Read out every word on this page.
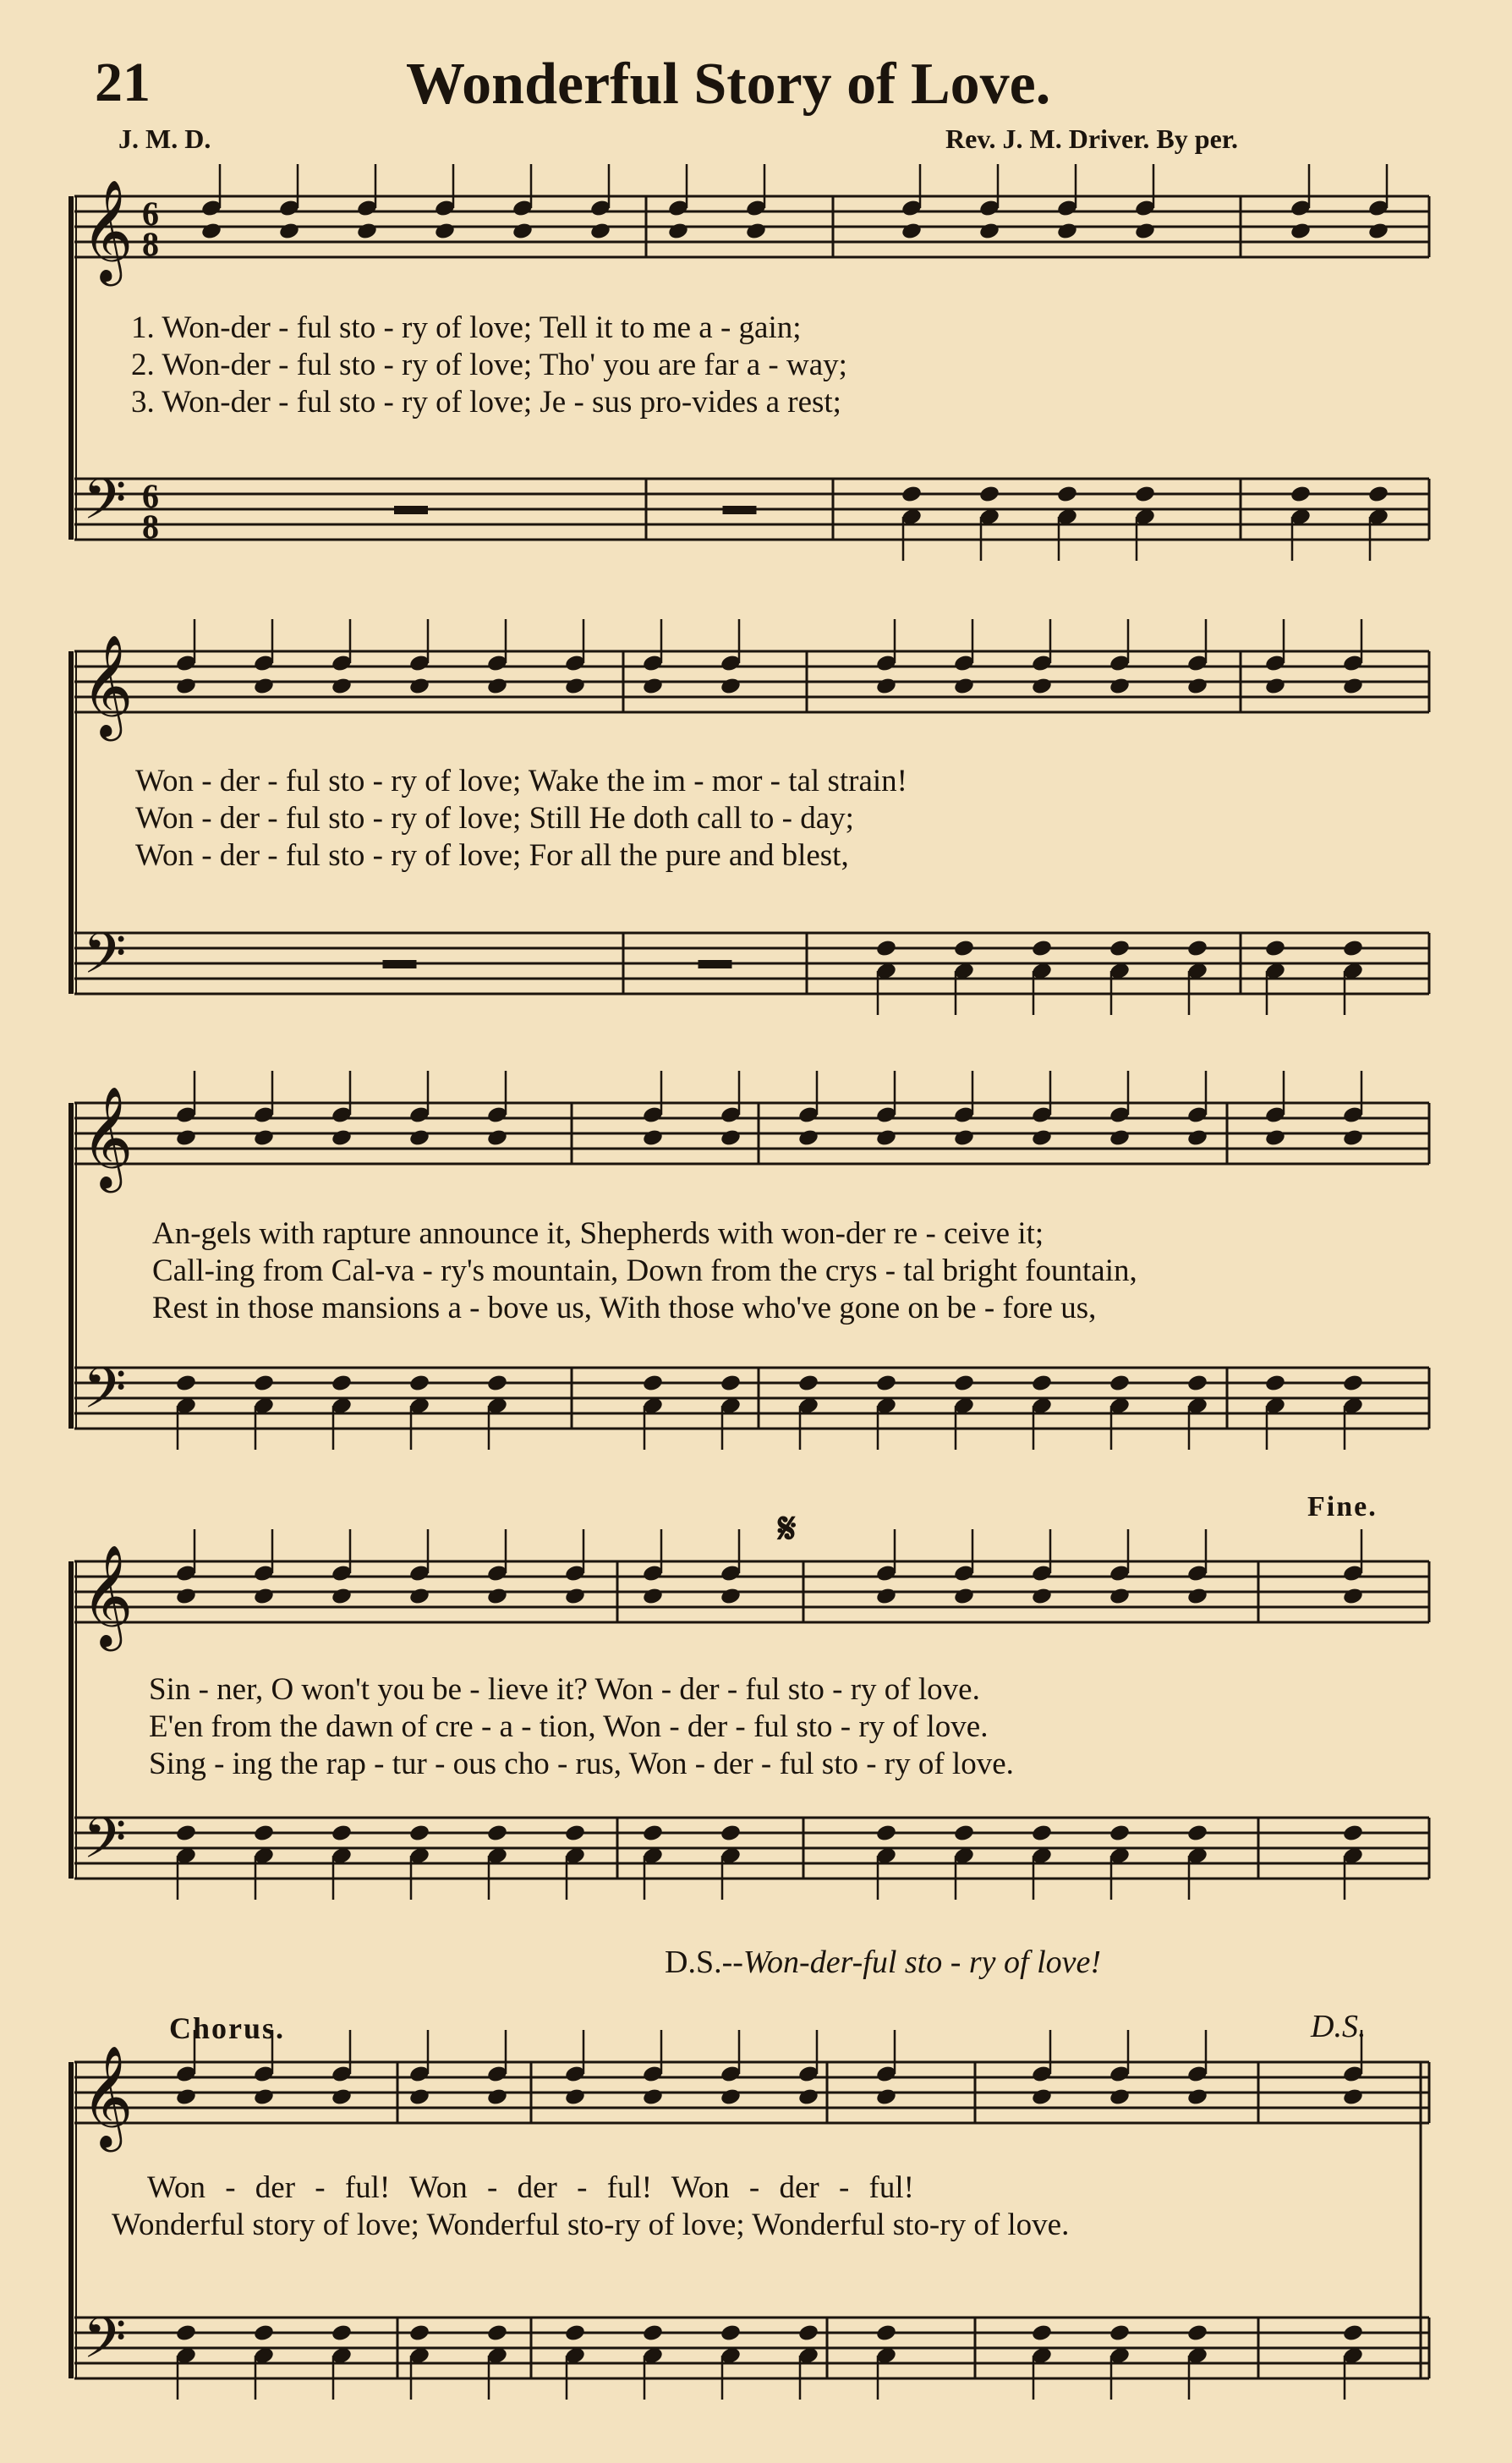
𝄞
𝄢
6
6
8
8
𝄞
𝄢
𝄞
𝄢
𝄞
𝄢
𝄞
𝄢
21	Wonderful Story of Love.
J. M. D.	Rev. J. M. Driver. By per.
𝄋	Fine.
Chorus.	D.S.
D.S.--Won-der-ful sto - ry of love!
1. Won-der - ful sto - ry of love; Tell it to me a - gain;
2. Won-der - ful sto - ry of love; Tho' you are far a - way;
3. Won-der - ful sto - ry of love; Je - sus pro-vides a rest;
Won - der - ful sto - ry of love; Wake the im - mor - tal strain!
Won - der - ful sto - ry of love; Still He doth call to - day;
Won - der - ful sto - ry of love; For all the pure and blest,
An-gels with rapture announce it, Shepherds with won-der re - ceive it;
Call-ing from Cal-va - ry's mountain, Down from the crys - tal bright fountain,
Rest in those mansions a - bove us, With those who've gone on be - fore us,
Sin - ner, O won't you be - lieve it? Won - der - ful sto - ry of love.
E'en from the dawn of cre - a - tion, Won - der - ful sto - ry of love.
Sing - ing the rap - tur - ous cho - rus, Won - der - ful sto - ry of love.
Won - der - ful! Won - der - ful! Won - der - ful!
Wonderful story of love; Wonderful sto-ry of love; Wonderful sto-ry of love.
